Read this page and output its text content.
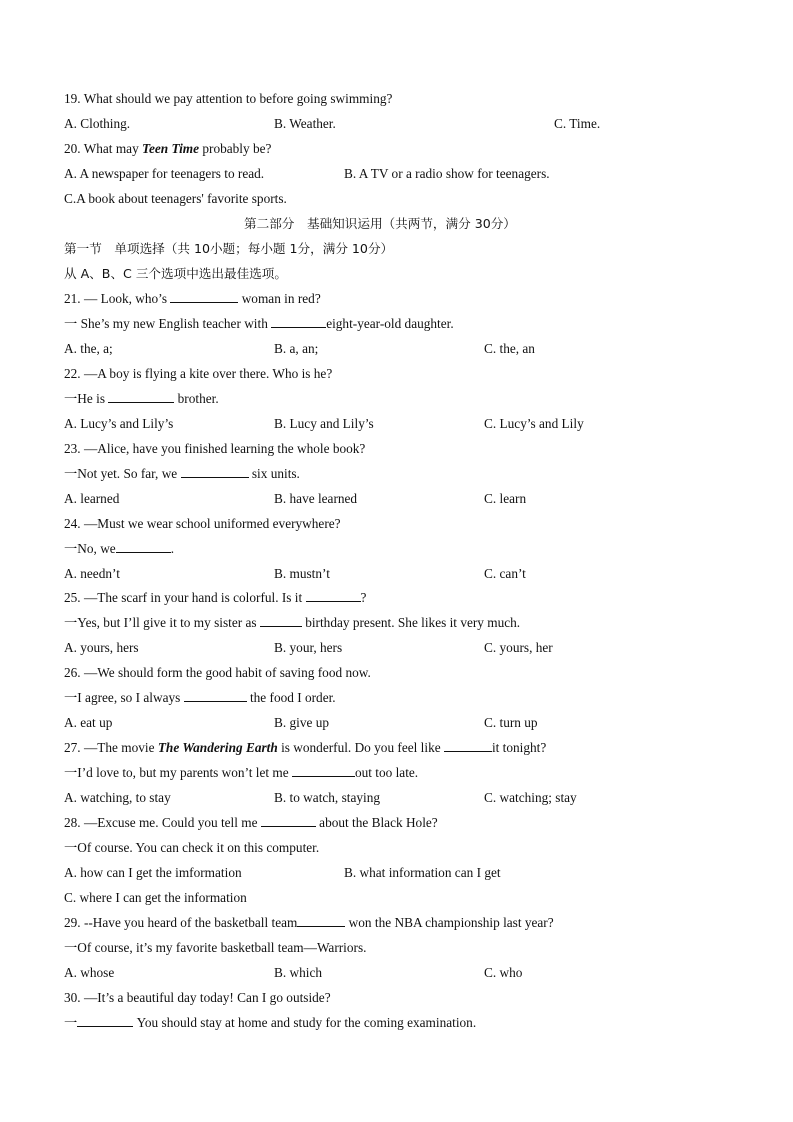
19. What should we pay attention to before going swimming?
A. Clothing.	B. Weather.	C. Time.
20. What may Teen Time probably be?
A. A newspaper for teenagers to read.	B. A TV or a radio show for teenagers.
C.A book about teenagers' favorite sports.
第二部分　基础知识运用（共两节，满分 30分）
第一节　单项选择（共 10小题；每小题 1分，满分 10分）
从 A、B、C 三个选项中选出最佳选项。
21. — Look, who’s	woman in red?
一 She’s my new English teacher with	eight-year-old daughter.
A. the, a;	B. a, an;	C. the, an
22. —A boy is flying a kite over there. Who is he?
一He is	brother.
A. Lucy’s and Lily’s	B. Lucy and Lily’s	C. Lucy’s and Lily
23. —Alice, have you finished learning the whole book?
一Not yet. So far, we	six units.
A. learned	B. have learned	C. learn
24. —Must we wear school uniformed everywhere?
一No, we	.
A. needn’t	B. mustn’t	C. can’t
25. —The scarf in your hand is colorful. Is it	?
一Yes, but I’ll give it to my sister as	birthday present. She likes it very much.
A. yours, hers	B. your, hers	C. yours, her
26. —We should form the good habit of saving food now.
一I agree, so I always	the food I order.
A. eat up	B. give up	C. turn up
27. —The movie The Wandering Earth is wonderful. Do you feel like	it tonight?
一I’d love to, but my parents won’t let me	out too late.
A. watching, to stay	B. to watch, staying	C. watching; stay
28. —Excuse me. Could you tell me	about the Black Hole?
一Of course. You can check it on this computer.
A. how can I get the imformation	B. what information can I get
C. where I can get the information
29. --Have you heard of the basketball team	won the NBA championship last year?
一Of course, it’s my favorite basketball team—Warriors.
A. whose	B. which	C. who
30. —It’s a beautiful day today! Can I go outside?
一	You should stay at home and study for the coming examination.
